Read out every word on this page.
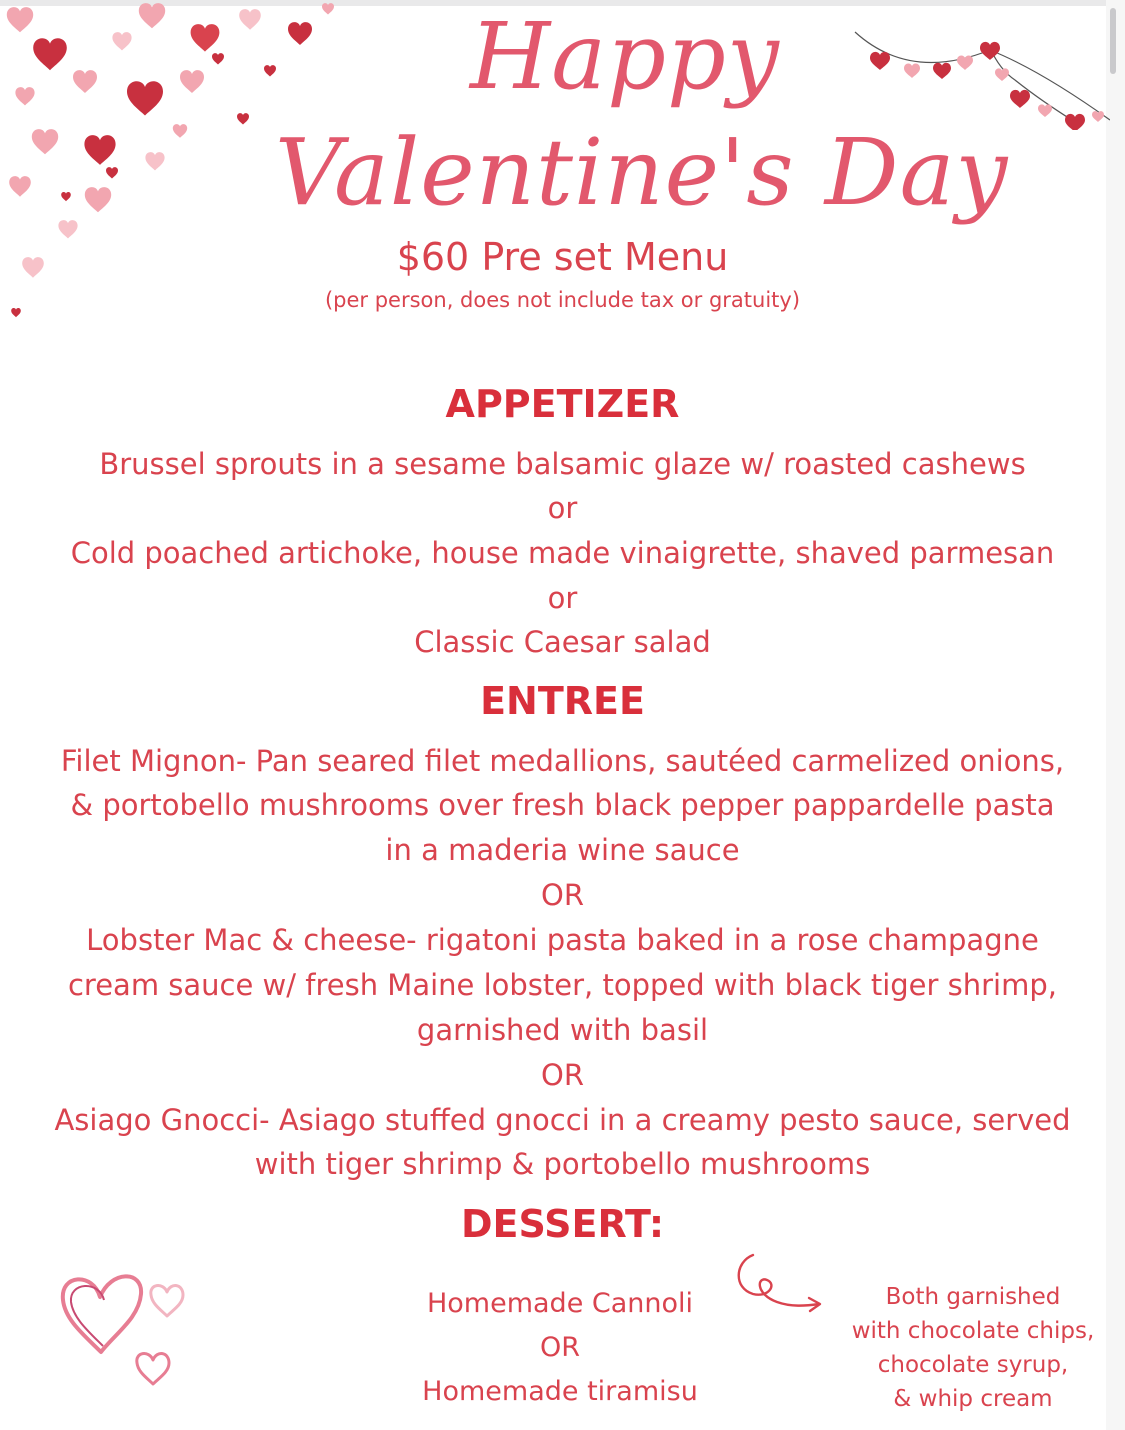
Happy
Valentine's Day
$60 Pre set Menu
(per person, does not include tax or gratuity)
APPETIZER
Brussel sprouts in a sesame balsamic glaze w/ roasted cashews
or
Cold poached artichoke, house made vinaigrette, shaved parmesan
or
Classic Caesar salad
ENTREE
Filet Mignon- Pan seared filet medallions, sautéed carmelized onions,
& portobello mushrooms over fresh black pepper pappardelle pasta
in a maderia wine sauce
OR
Lobster Mac & cheese- rigatoni pasta baked in a rose champagne
cream sauce w/ fresh Maine lobster, topped with black tiger shrimp,
garnished with basil
OR
Asiago Gnocci- Asiago stuffed gnocci in a creamy pesto sauce, served
with tiger shrimp & portobello mushrooms
DESSERT:
Homemade Cannoli
OR
Homemade tiramisu
Both garnished
with chocolate chips,
chocolate syrup,
& whip cream
